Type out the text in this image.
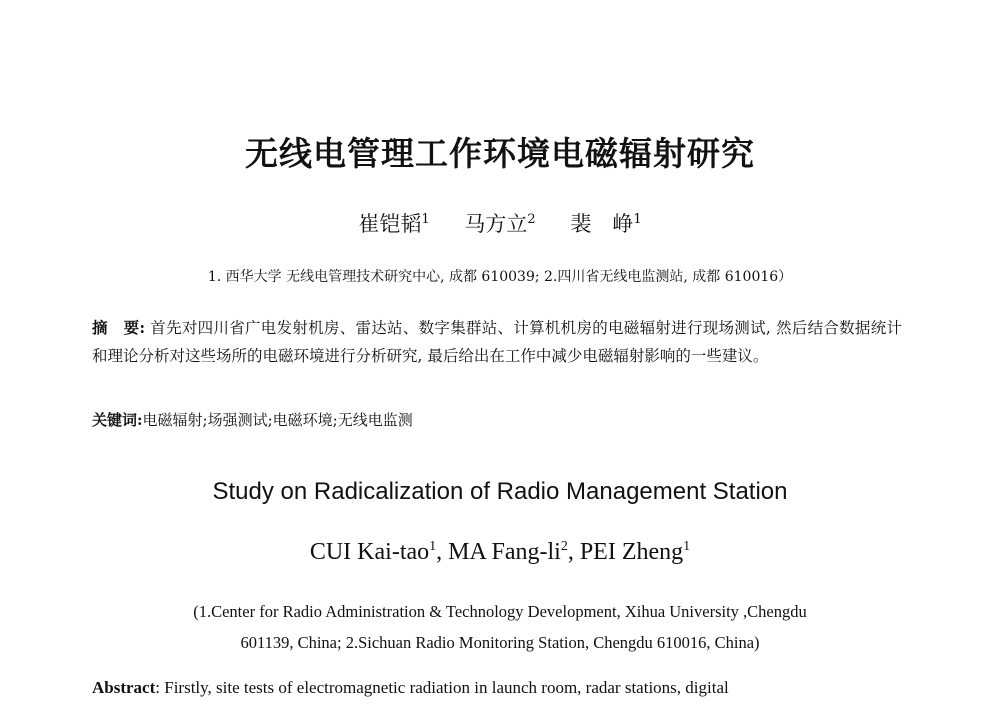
无线电管理工作环境电磁辐射研究
崔铠韬$^1$ 马方立$^2$ 裴　峥$^1$
1. 西华大学 无线电管理技术研究中心, 成都 610039; 2.四川省无线电监测站, 成都 610016）
摘　要: 首先对四川省广电发射机房、雷达站、数字集群站、计算机机房的电磁辐射进行现场测试, 然后结合数据统计和理论分析对这些场所的电磁环境进行分析研究, 最后给出在工作中减少电磁辐射影响的一些建议。
关键词:电磁辐射;场强测试;电磁环境;无线电监测
Study on Radicalization of Radio Management Station
CUI Kai-tao$^1$, MA Fang-$li^2$, PEI Zheng$^1$
(1.Center for Radio Administration & Technology Development, Xihua University ,Chengdu
601139, China; 2.Sichuan Radio Monitoring Station, Chengdu 610016, China)
Abstract: Firstly, site tests of electromagnetic radiation in launch room, radar stations, digital
